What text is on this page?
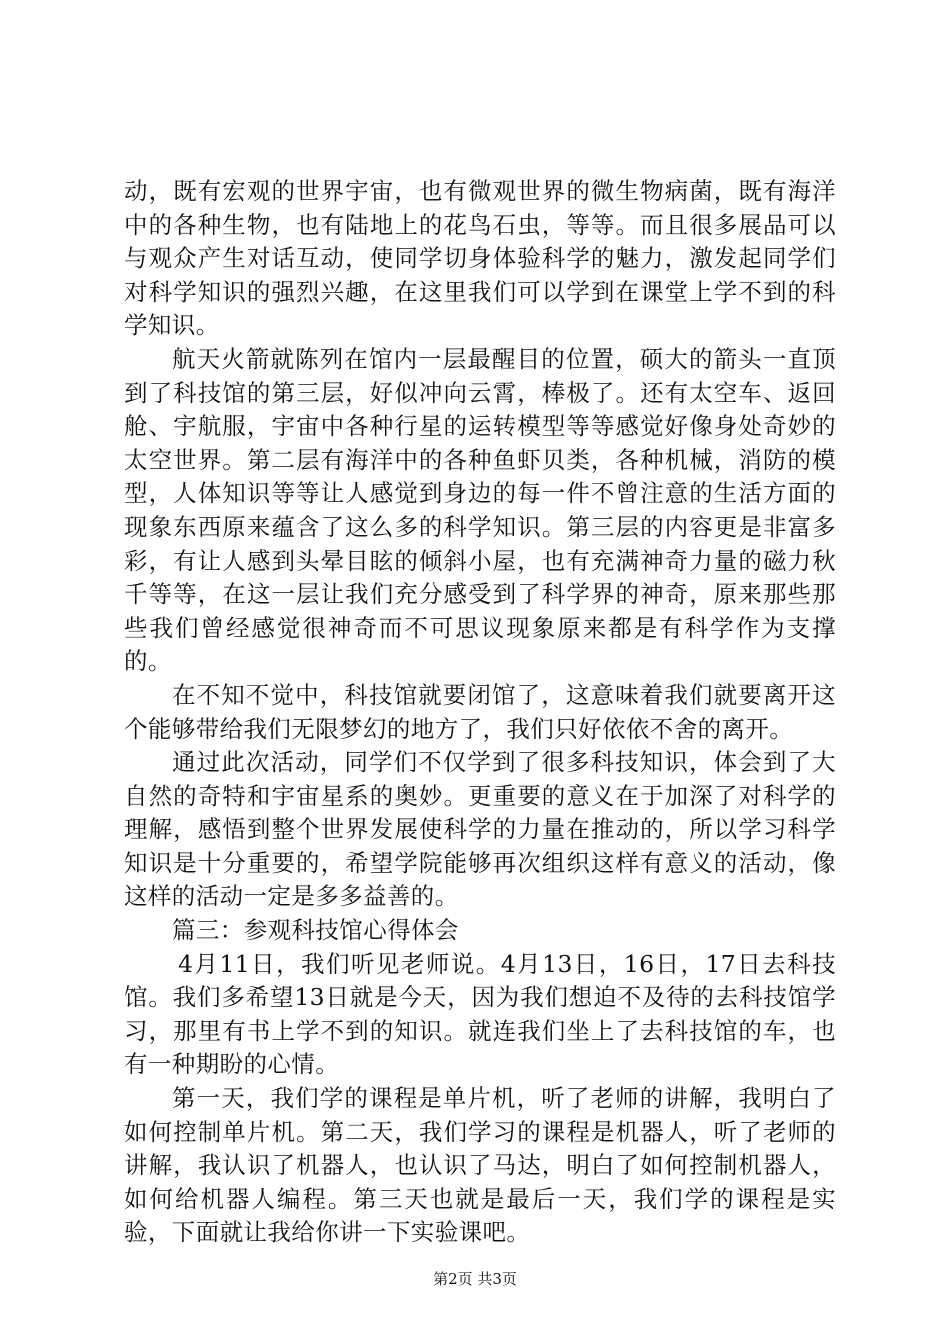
动，既有宏观的世界宇宙，也有微观世界的微生物病菌，既有海洋中的各种生物，也有陆地上的花鸟石虫，等等。而且很多展品可以与观众产生对话互动，使同学切身体验科学的魅力，激发起同学们对科学知识的强烈兴趣，在这里我们可以学到在课堂上学不到的科学知识。

航天火箭就陈列在馆内一层最醒目的位置，硕大的箭头一直顶到了科技馆的第三层，好似冲向云霄，棒极了。还有太空车、返回舱、宇航服，宇宙中各种行星的运转模型等等感觉好像身处奇妙的太空世界。第二层有海洋中的各种鱼虾贝类，各种机械，消防的模型，人体知识等等让人感觉到身边的每一件不曾注意的生活方面的现象东西原来蕴含了这么多的科学知识。第三层的内容更是非富多彩，有让人感到头晕目眩的倾斜小屋，也有充满神奇力量的磁力秋千等等，在这一层让我们充分感受到了科学界的神奇，原来那些那些我们曾经感觉很神奇而不可思议现象原来都是有科学作为支撑的。

在不知不觉中，科技馆就要闭馆了，这意味着我们就要离开这个能够带给我们无限梦幻的地方了，我们只好依依不舍的离开。

通过此次活动，同学们不仅学到了很多科技知识，体会到了大自然的奇特和宇宙星系的奥妙。更重要的意义在于加深了对科学的理解，感悟到整个世界发展使科学的力量在推动的，所以学习科学知识是十分重要的，希望学院能够再次组织这样有意义的活动，像这样的活动一定是多多益善的。

篇三：参观科技馆心得体会

4月11日，我们听见老师说。4月13日，16日，17日去科技馆。我们多希望13日就是今天，因为我们想迫不及待的去科技馆学习，那里有书上学不到的知识。就连我们坐上了去科技馆的车，也有一种期盼的心情。

第一天，我们学的课程是单片机，听了老师的讲解，我明白了如何控制单片机。第二天，我们学习的课程是机器人，听了老师的讲解，我认识了机器人，也认识了马达，明白了如何控制机器人，如何给机器人编程。第三天也就是最后一天，我们学的课程是实验，下面就让我给你讲一下实验课吧。

第2页 共3页
